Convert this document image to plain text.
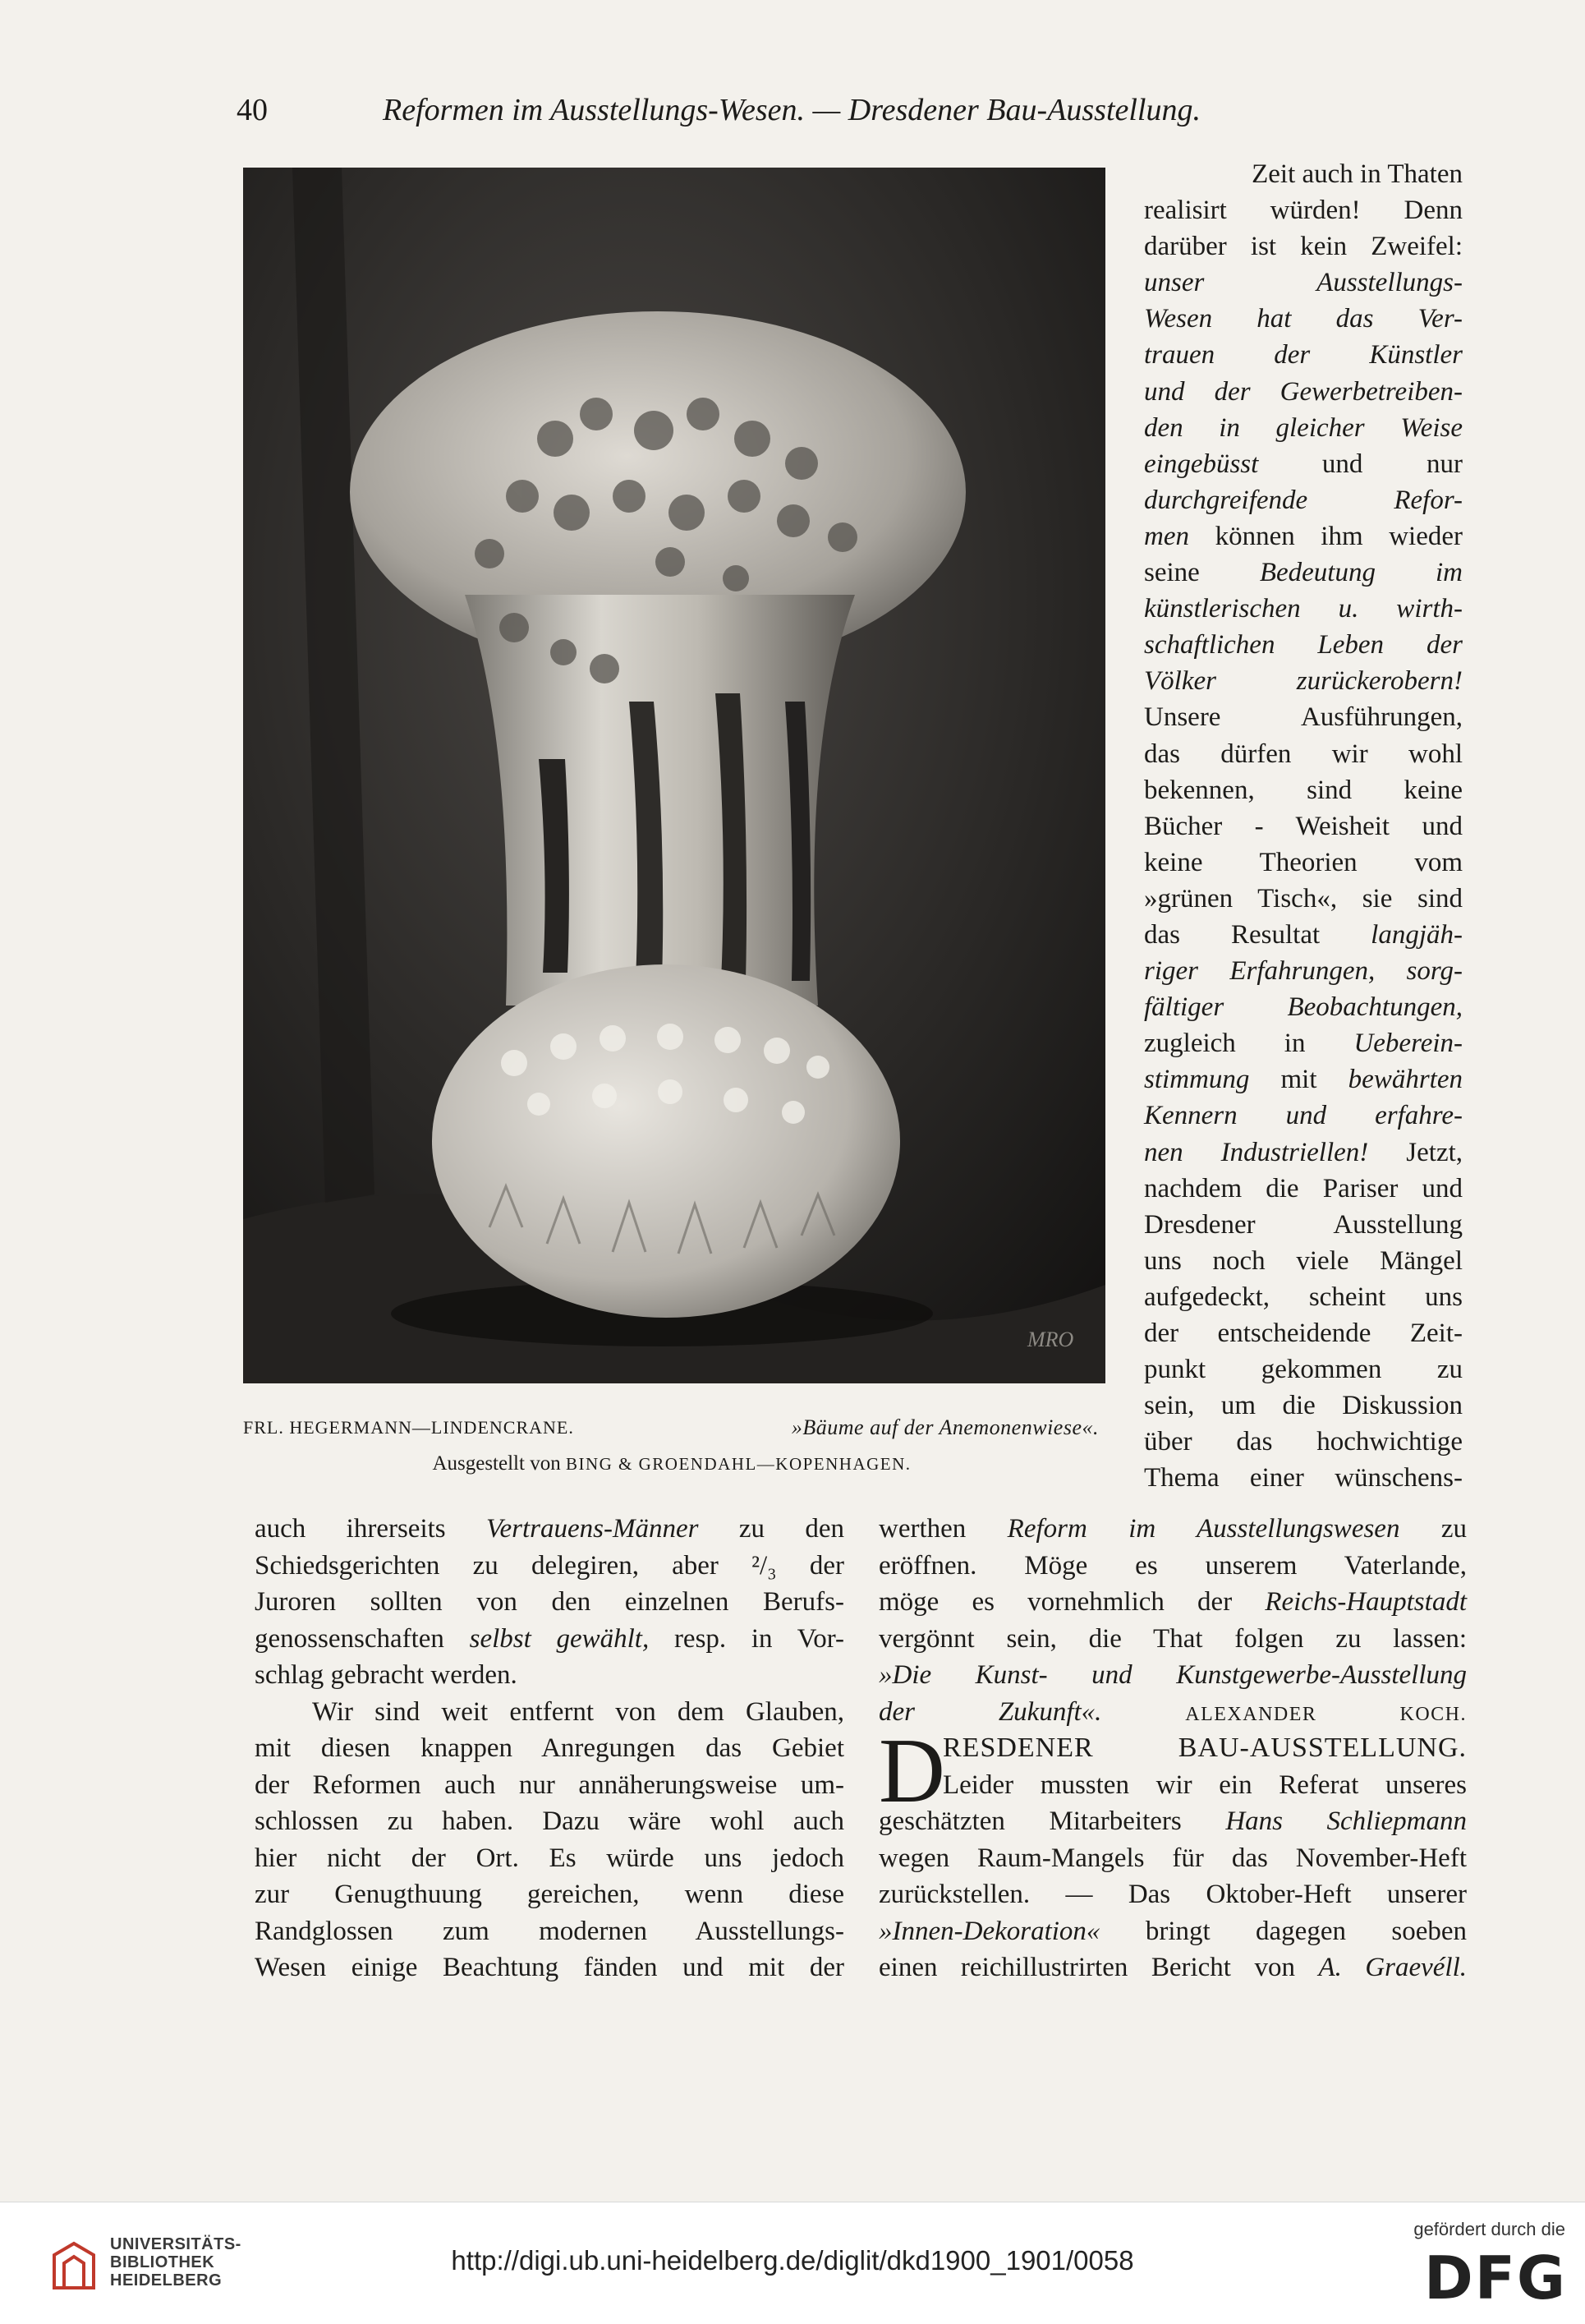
40	Reformen im Ausstellungs-Wesen. — Dresdener Bau-Ausstellung.
MRO
FRL. HEGERMANN—LINDENCRANE.	»Bäume auf der Anemonenwiese«.
Ausgestellt von BING & GROENDAHL—KOPENHAGEN.
Zeit auch in Thaten
realisirt würden! Denn
darüber ist kein Zweifel:
unser Ausstellungs-
Wesen hat das Ver-
trauen der Künstler
und der Gewerbetreiben-
den in gleicher Weise
eingebüsst und nur
durchgreifende Refor-
men können ihm wieder
seine Bedeutung im
künstlerischen u. wirth-
schaftlichen Leben der
Völker zurückerobern!
Unsere Ausführungen,
das dürfen wir wohl
bekennen, sind keine
Bücher - Weisheit und
keine Theorien vom
»grünen Tisch«, sie sind
das Resultat langjäh-
riger Erfahrungen, sorg-
fältiger Beobachtungen,
zugleich in Ueberein-
stimmung mit bewährten
Kennern und erfahre-
nen Industriellen! Jetzt,
nachdem die Pariser und
Dresdener Ausstellung
uns noch viele Mängel
aufgedeckt, scheint uns
der entscheidende Zeit-
punkt gekommen zu
sein, um die Diskussion
über das hochwichtige
Thema einer wünschens-
auch ihrerseits Vertrauens-Männer zu den
Schiedsgerichten zu delegiren, aber ²/₃ der
Juroren sollten von den einzelnen Berufs-
genossenschaften selbst gewählt, resp. in Vor-
schlag gebracht werden.
Wir sind weit entfernt von dem Glauben,
mit diesen knappen Anregungen das Gebiet
der Reformen auch nur annäherungsweise um-
schlossen zu haben. Dazu wäre wohl auch
hier nicht der Ort. Es würde uns jedoch
zur Genugthuung gereichen, wenn diese
Randglossen zum modernen Ausstellungs-
Wesen einige Beachtung fänden und mit der
werthen Reform im Ausstellungswesen zu
eröffnen. Möge es unserem Vaterlande,
möge es vornehmlich der Reichs-Hauptstadt
vergönnt sein, die That folgen zu lassen:
»Die Kunst- und Kunstgewerbe-Ausstellung
der Zukunft«.	ALEXANDER KOCH.
RESDENER BAU-AUSSTELLUNG.
Leider mussten wir ein Referat unseres
geschätzten Mitarbeiters Hans Schliepmann
wegen Raum-Mangels für das November-Heft
zurückstellen. — Das Oktober-Heft unserer
»Innen-Dekoration« bringt dagegen soeben
einen reichillustrirten Bericht von A. Graevéll.
D
UNIVERSITÄTS-
BIBLIOTHEK
HEIDELBERG
http://digi.ub.uni-heidelberg.de/diglit/dkd1900_1901/0058
gefördert durch die
DFG
